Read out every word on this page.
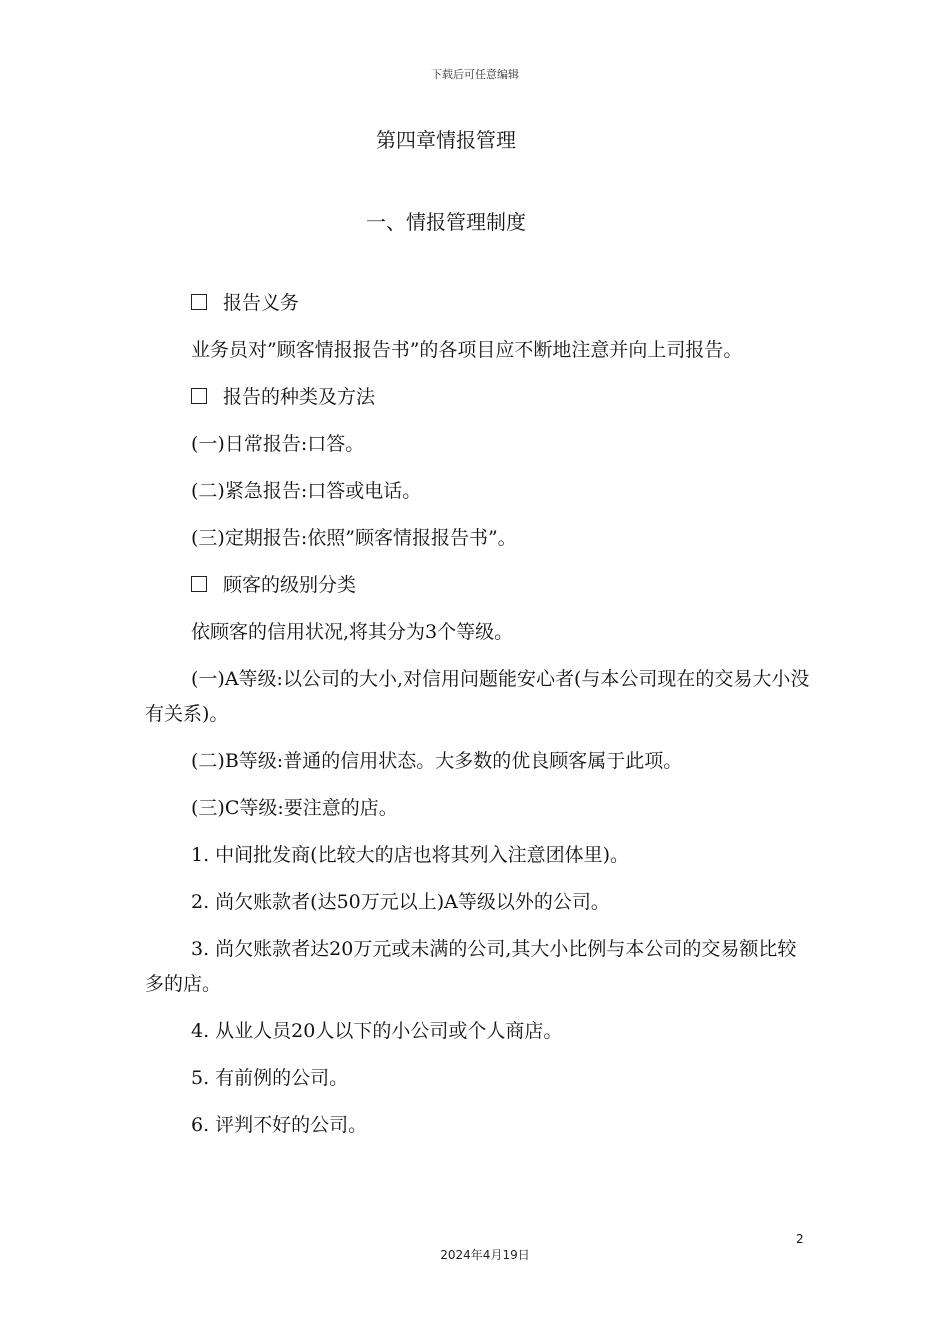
下载后可任意编辑
第四章情报管理
一、情报管理制度

报告义务

业务员对”顾客情报报告书”的各项目应不断地注意并向上司报告。

报告的种类及方法

(一)日常报告:口答。

(二)紧急报告:口答或电话。

(三)定期报告:依照”顾客情报报告书”。

顾客的级别分类

依顾客的信用状况,将其分为3个等级。

(一)A等级:以公司的大小,对信用问题能安心者(与本公司现在的交易大小没有关系)。

(二)B等级:普通的信用状态。大多数的优良顾客属于此项。

(三)C等级:要注意的店。

1. 中间批发商(比较大的店也将其列入注意团体里)。

2. 尚欠账款者(达50万元以上)A等级以外的公司。

3. 尚欠账款者达20万元或未满的公司,其大小比例与本公司的交易额比较多的店。

4. 从业人员20人以下的小公司或个人商店。

5. 有前例的公司。

6. 评判不好的公司。

2
2024年4月19日
